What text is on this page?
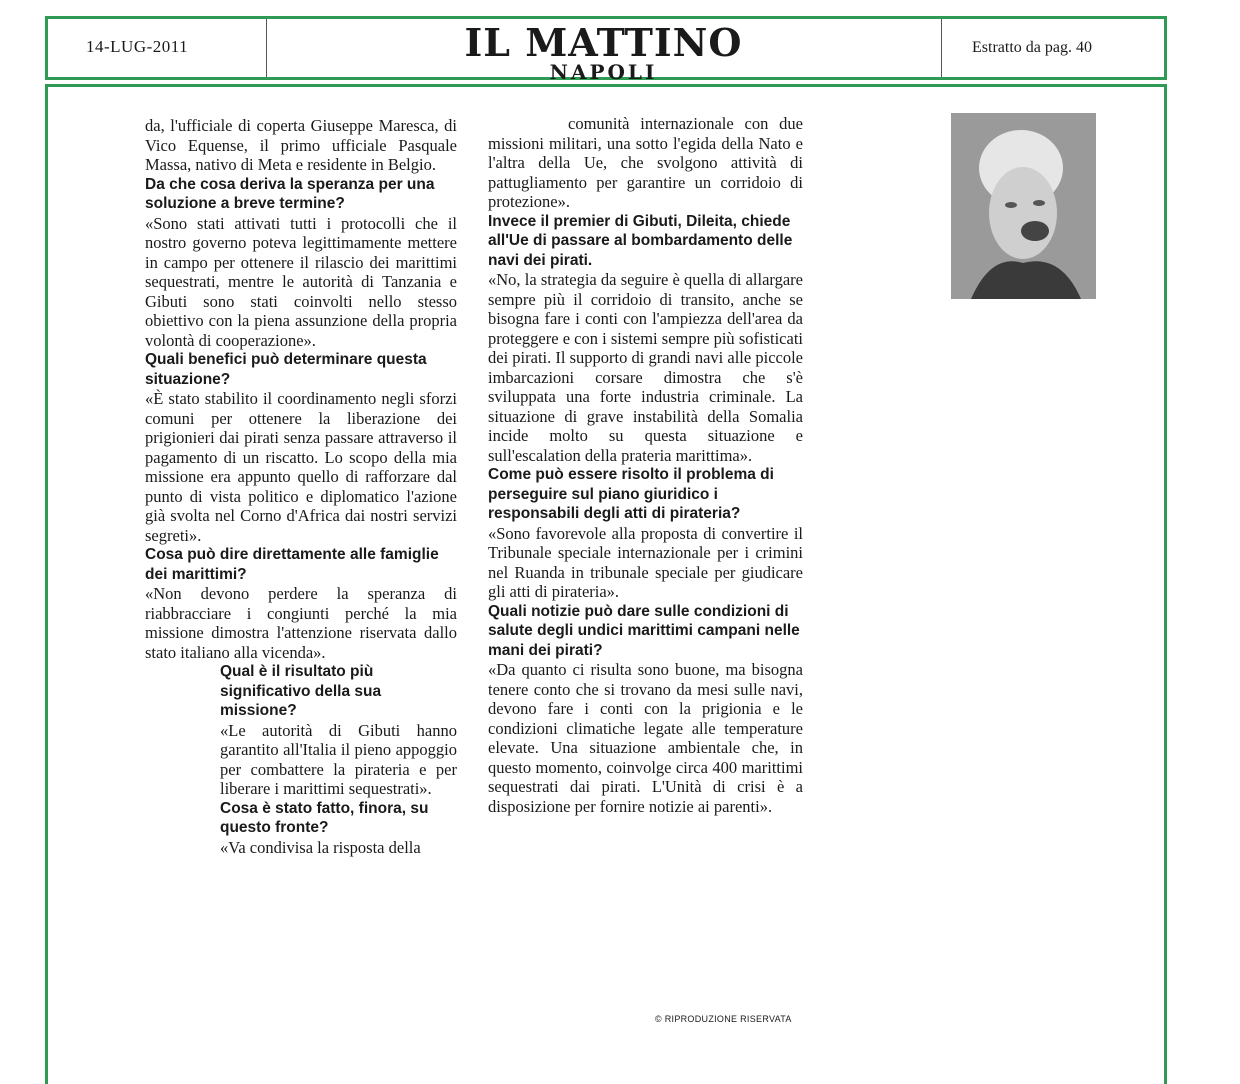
14-LUG-2011	IL MATTINO
NAPOLI
Estratto da pag. 40

da, l'ufficiale di coperta Giuseppe Maresca, di Vico Equense, il primo ufficiale Pasquale Massa, nativo di Meta e residente in Belgio.

Da che cosa deriva la speranza per una soluzione a breve termine?

«Sono stati attivati tutti i protocolli che il nostro governo poteva legittimamente mettere in campo per ottenere il rilascio dei marittimi sequestrati, mentre le autorità di Tanzania e Gibuti sono stati coinvolti nello stesso obiettivo con la piena assunzione della propria volontà di cooperazione».

Quali benefici può determinare questa situazione?

«È stato stabilito il coordinamento negli sforzi comuni per ottenere la liberazione dei prigionieri dai pirati senza passare attraverso il pagamento di un riscatto. Lo scopo della mia missione era appunto quello di rafforzare dal punto di vista politico e diplomatico l'azione già svolta nel Corno d'Africa dai nostri servizi segreti».

Cosa può dire direttamente alle famiglie dei marittimi?

«Non devono perdere la speranza di riabbracciare i congiunti perché la mia missione dimostra l'attenzione riservata dallo stato italiano alla vicenda».

Qual è il risultato più significativo della sua missione?

«Le autorità di Gibuti hanno garantito all'Italia il pieno appoggio per combattere la pirateria e per liberare i marittimi sequestrati».

Cosa è stato fatto, finora, su questo fronte?

«Va condivisa la risposta della

comunità internazionale con due missioni militari, una sotto l'egida della Nato e l'altra della Ue, che svolgono attività di pattugliamento per garantire un corridoio di protezione».

Invece il premier di Gibuti, Dileita, chiede all'Ue di passare al bombardamento delle navi dei pirati.

«No, la strategia da seguire è quella di allargare sempre più il corridoio di transito, anche se bisogna fare i conti con l'ampiezza dell'area da proteggere e con i sistemi sempre più sofisticati dei pirati. Il supporto di grandi navi alle piccole imbarcazioni corsare dimostra che s'è sviluppata una forte industria criminale. La situazione di grave instabilità della Somalia incide molto su questa situazione e sull'escalation della prateria marittima».

Come può essere risolto il problema di perseguire sul piano giuridico i responsabili degli atti di pirateria?

«Sono favorevole alla proposta di convertire il Tribunale speciale internazionale per i crimini nel Ruanda in tribunale speciale per giudicare gli atti di pirateria».

Quali notizie può dare sulle condizioni di salute degli undici marittimi campani nelle mani dei pirati?

«Da quanto ci risulta sono buone, ma bisogna tenere conto che si trovano da mesi sulle navi, devono fare i conti con la prigionia e le condizioni climatiche legate alle temperature elevate. Una situazione ambientale che, in questo momento, coinvolge circa 400 marittimi sequestrati dai pirati. L'Unità di crisi è a disposizione per fornire notizie ai parenti».

© RIPRODUZIONE RISERVATA
